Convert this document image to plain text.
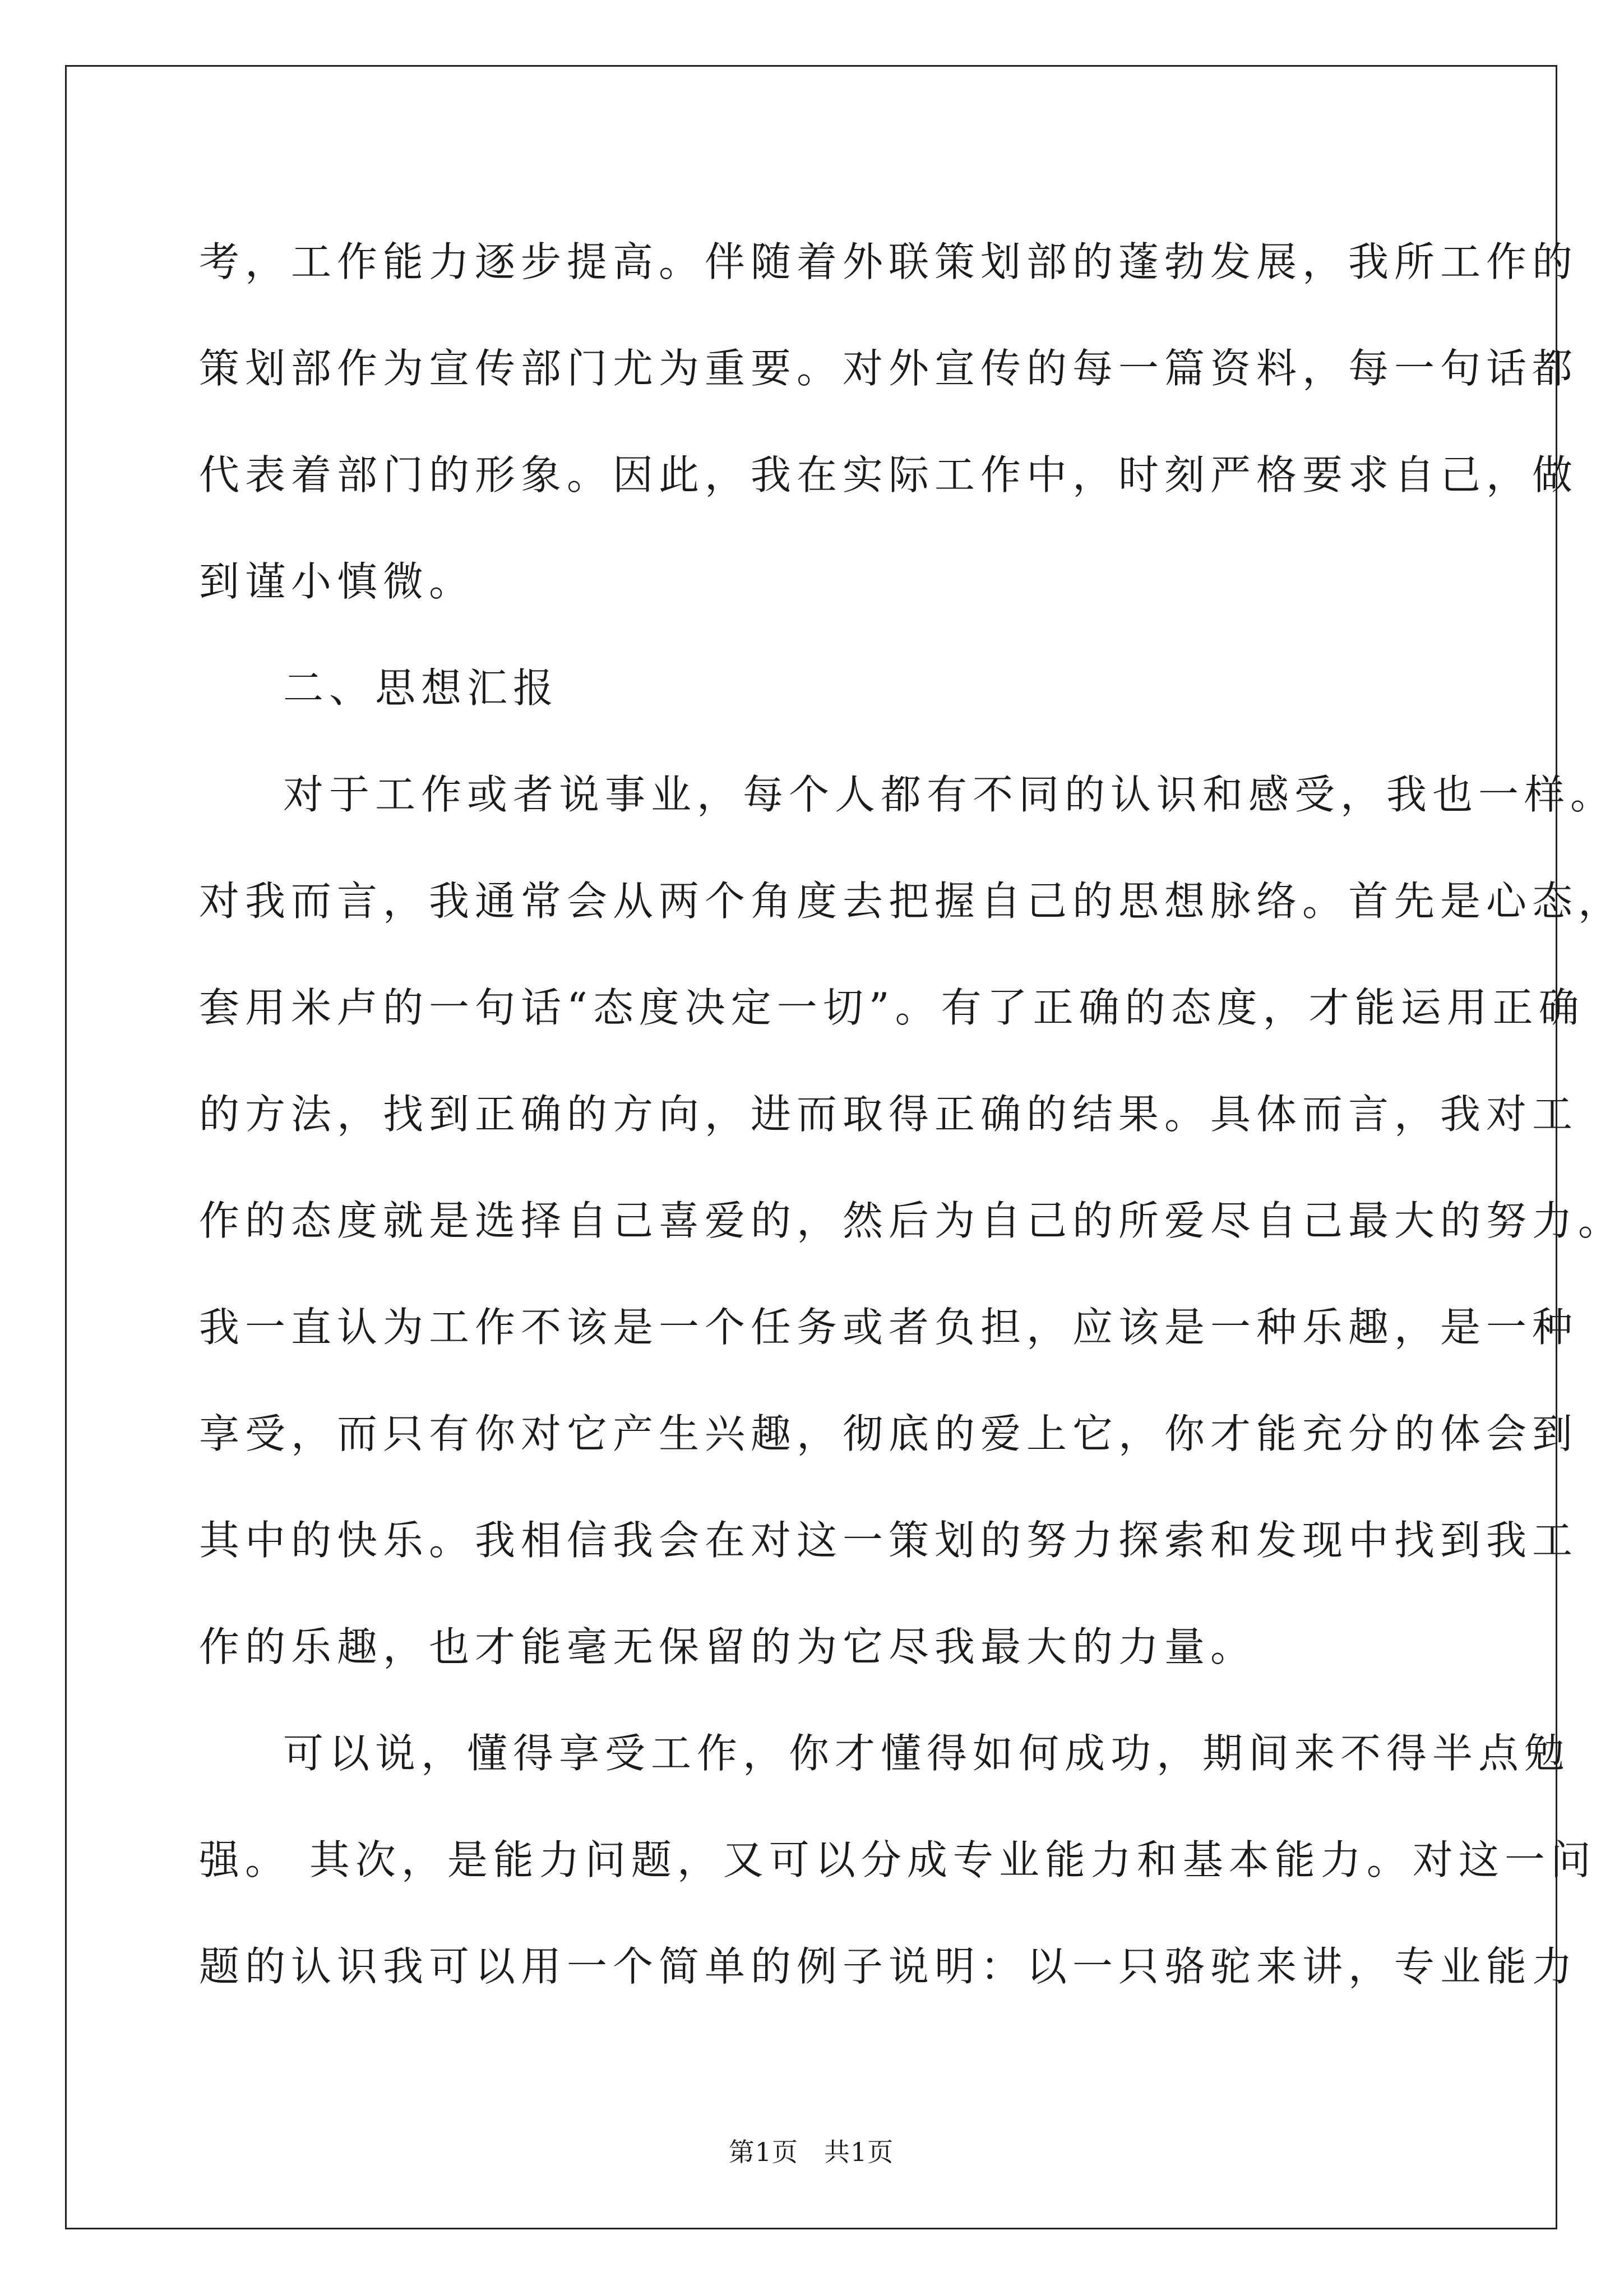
考，工作能力逐步提高。伴随着外联策划部的蓬勃发展，我所工作的
策划部作为宣传部门尤为重要。对外宣传的每一篇资料，每一句话都
代表着部门的形象。因此，我在实际工作中，时刻严格要求自己，做
到谨小慎微。
二、思想汇报
对于工作或者说事业，每个人都有不同的认识和感受，我也一样。
对我而言，我通常会从两个角度去把握自己的思想脉络。首先是心态，
套用米卢的一句话“态度决定一切”。有了正确的态度，才能运用正确
的方法，找到正确的方向，进而取得正确的结果。具体而言，我对工
作的态度就是选择自己喜爱的，然后为自己的所爱尽自己最大的努力。
我一直认为工作不该是一个任务或者负担，应该是一种乐趣，是一种
享受，而只有你对它产生兴趣，彻底的爱上它，你才能充分的体会到
其中的快乐。我相信我会在对这一策划的努力探索和发现中找到我工
作的乐趣，也才能毫无保留的为它尽我最大的力量。
可以说，懂得享受工作，你才懂得如何成功，期间来不得半点勉
强。 其次，是能力问题，又可以分成专业能力和基本能力。对这一问
题的认识我可以用一个简单的例子说明：以一只骆驼来讲，专业能力
第1页 共1页
